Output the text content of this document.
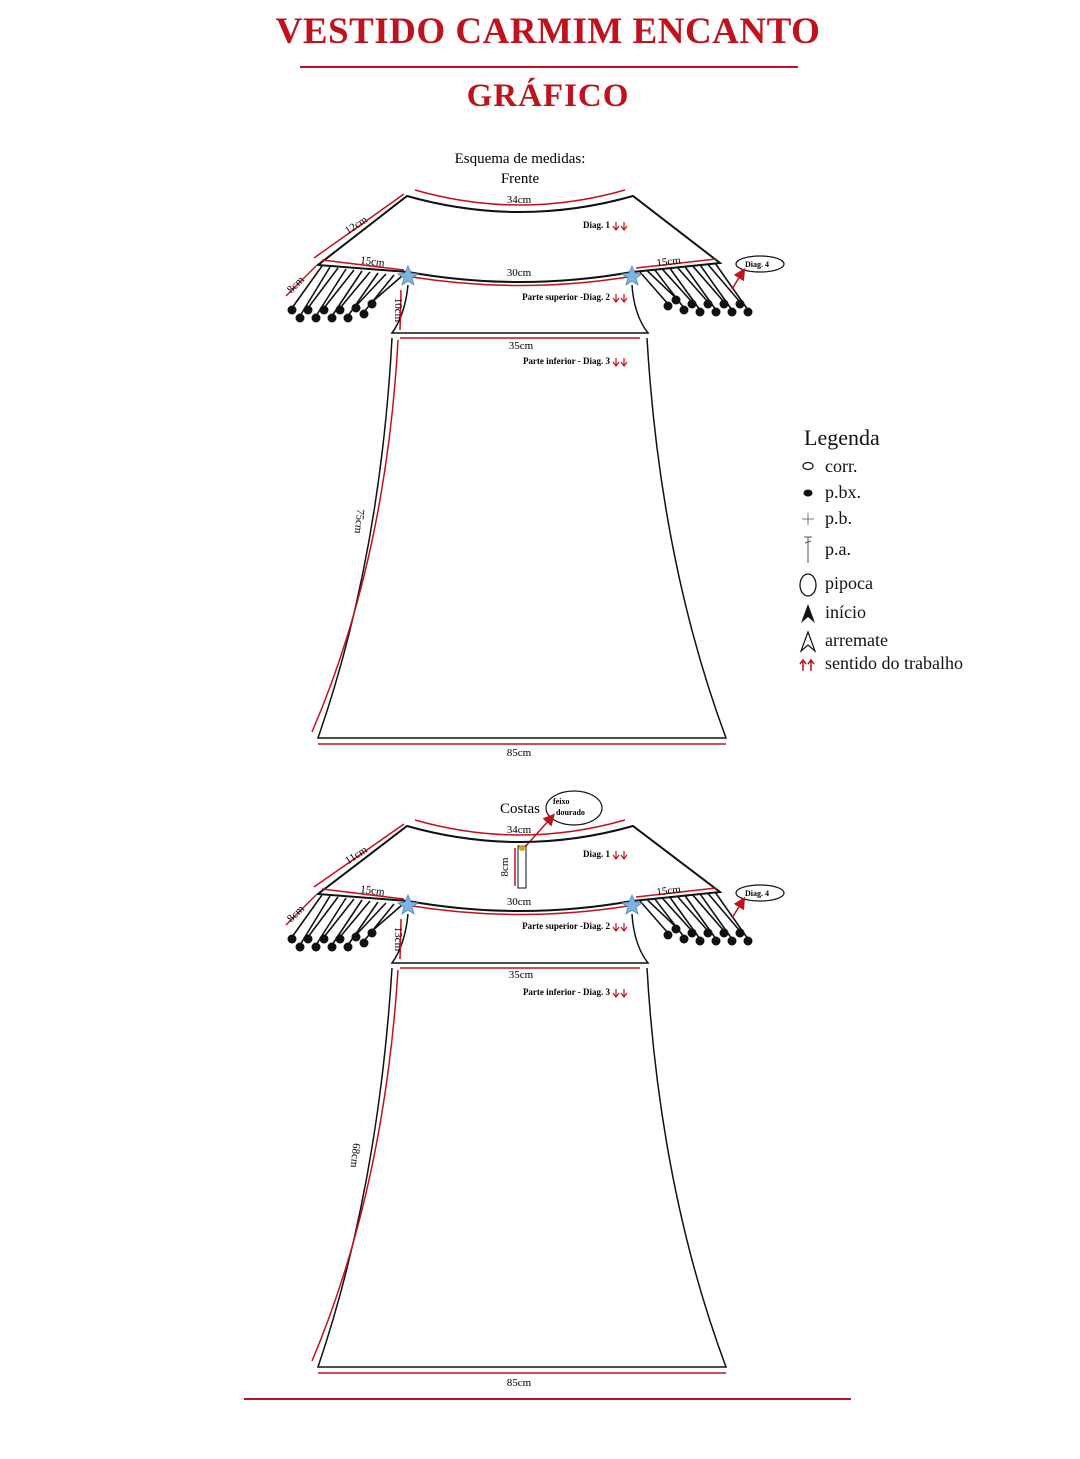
VESTIDO CARMIM ENCANTO
GRÁFICO
Esquema de medidas:
Frente
34cm
12cm
15cm	15cm
8cm
30cm
10cm
35cm
75cm
85cm
Diag. 1
Parte superior -Diag. 2
Parte inferior - Diag. 3
Diag. 4
Costas feixo
dourado
34cm
8cm
11cm
15cm	15cm
8cm
30cm
13cm
35cm
68cm
85cm
Diag. 1
Parte superior -Diag. 2
Parte inferior - Diag. 3
Diag. 4
Legenda
corr.
p.bx.
p.b.
p.a.
pipoca
início
arremate
sentido do trabalho
